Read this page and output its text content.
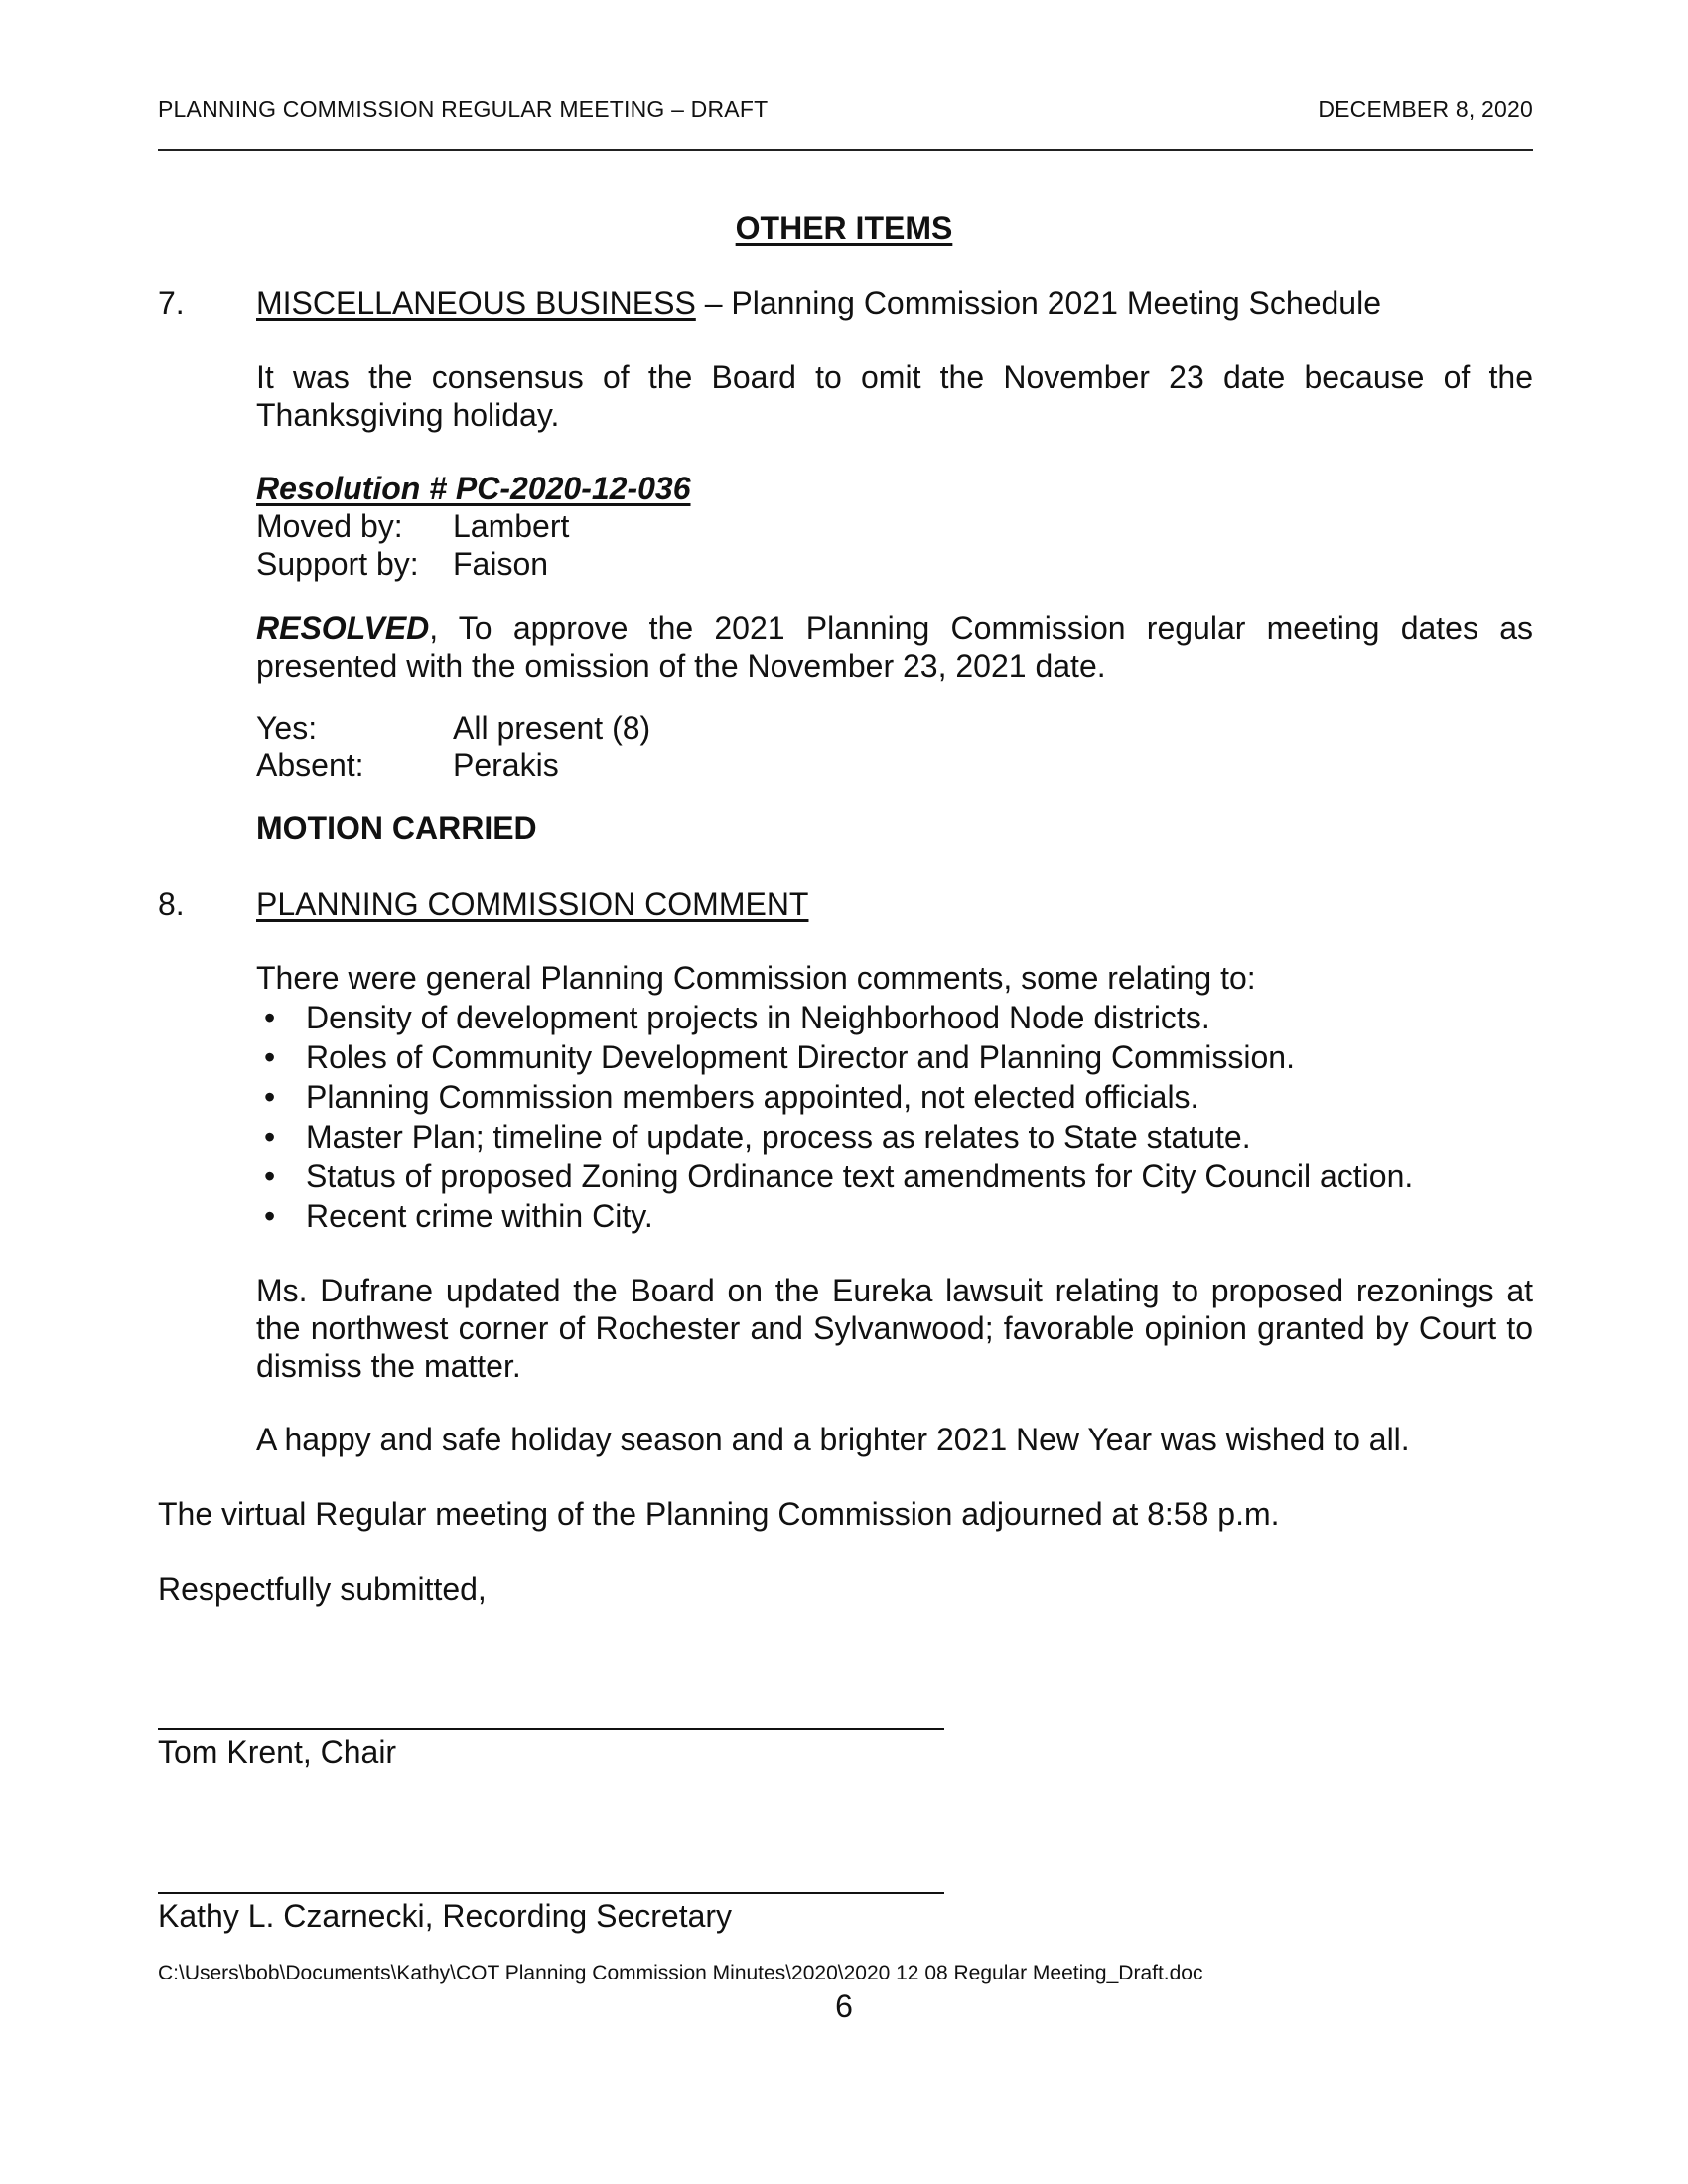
PLANNING COMMISSION REGULAR MEETING – DRAFT	DECEMBER 8, 2020
OTHER ITEMS
7. MISCELLANEOUS BUSINESS – Planning Commission 2021 Meeting Schedule
It was the consensus of the Board to omit the November 23 date because of the Thanksgiving holiday.
Resolution # PC-2020-12-036
Moved by: Lambert
Support by: Faison
RESOLVED, To approve the 2021 Planning Commission regular meeting dates as presented with the omission of the November 23, 2021 date.
Yes:	All present (8)
Absent:	Perakis
MOTION CARRIED
8. PLANNING COMMISSION COMMENT
There were general Planning Commission comments, some relating to:
• Density of development projects in Neighborhood Node districts.
• Roles of Community Development Director and Planning Commission.
• Planning Commission members appointed, not elected officials.
• Master Plan; timeline of update, process as relates to State statute.
• Status of proposed Zoning Ordinance text amendments for City Council action.
• Recent crime within City.
Ms. Dufrane updated the Board on the Eureka lawsuit relating to proposed rezonings at the northwest corner of Rochester and Sylvanwood; favorable opinion granted by Court to dismiss the matter.
A happy and safe holiday season and a brighter 2021 New Year was wished to all.
The virtual Regular meeting of the Planning Commission adjourned at 8:58 p.m.
Respectfully submitted,
Tom Krent, Chair
Kathy L. Czarnecki, Recording Secretary
C:\Users\bob\Documents\Kathy\COT Planning Commission Minutes\2020\2020 12 08 Regular Meeting_Draft.doc
6
